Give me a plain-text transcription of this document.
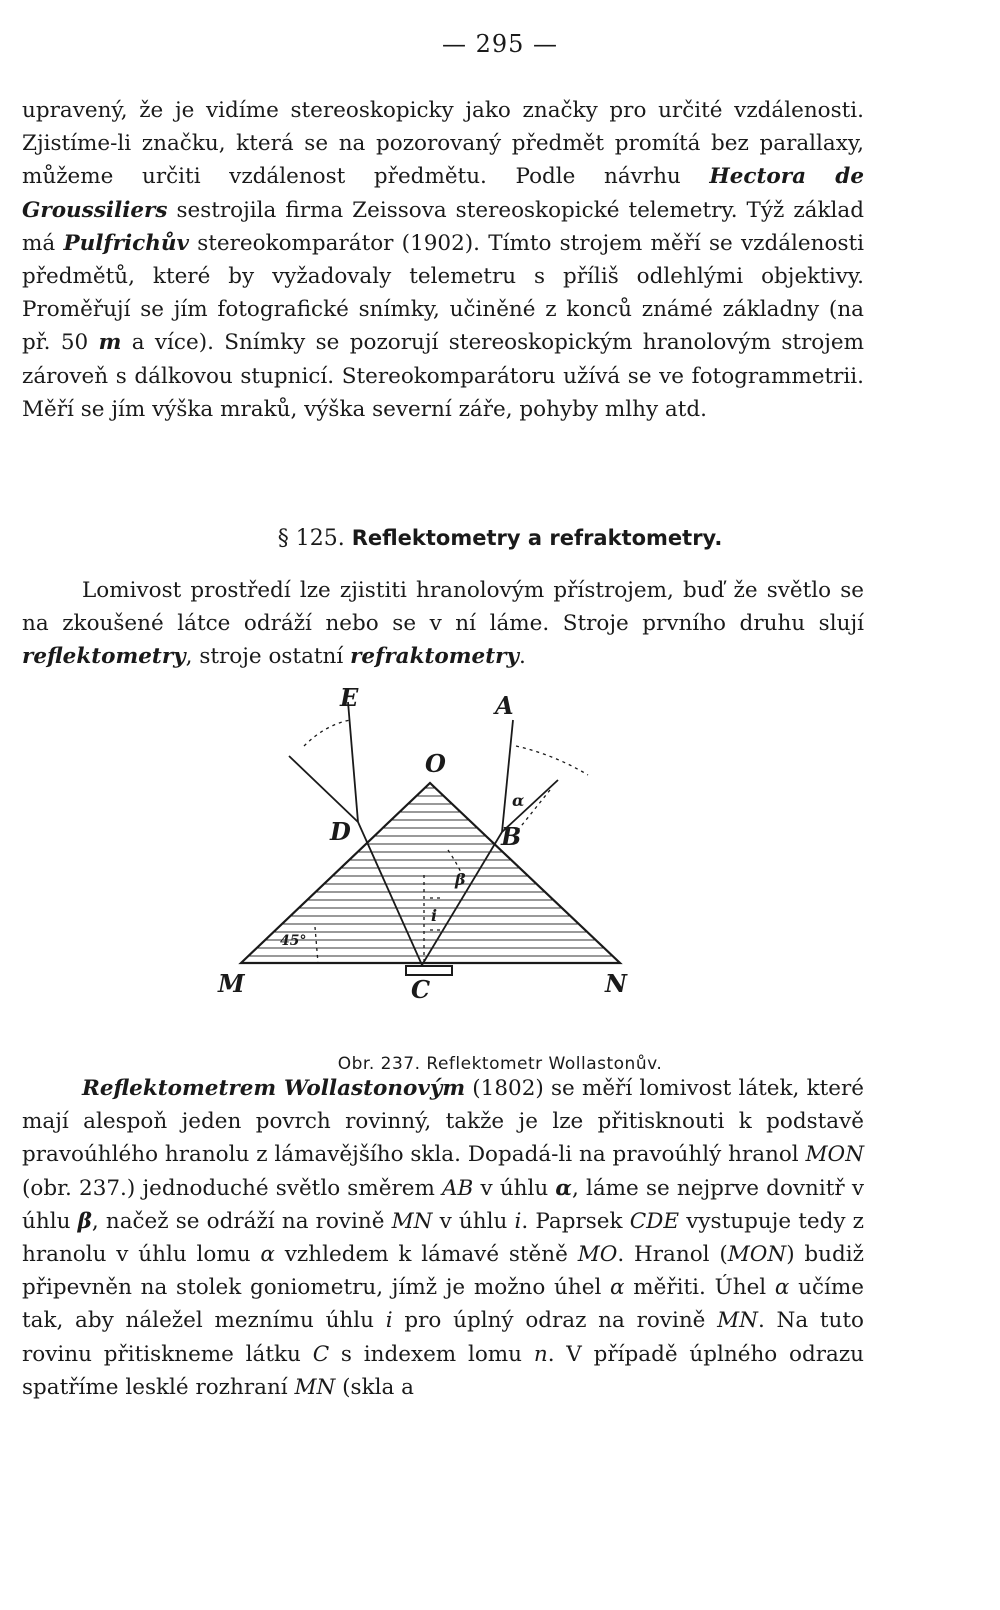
— 295 —

upravený, že je vidíme stereoskopicky jako značky pro určité vzdálenosti. Zjistíme-li značku, která se na pozorovaný předmět promítá bez parallaxy, můžeme určiti vzdálenost předmětu. Podle návrhu Hectora de Groussiliers sestrojila firma Zeissova stereoskopické telemetry. Týž základ má Pulfrichův stereokomparátor (1902). Tímto strojem měří se vzdálenosti předmětů, které by vyžadovaly telemetru s příliš odlehlými objektivy. Proměřují se jím fotografické snímky, učiněné z konců známé základny (na př. 50 m a více). Snímky se pozorují stereoskopickým hranolovým strojem zároveň s dálkovou stupnicí. Stereokomparátoru užívá se ve fotogrammetrii. Měří se jím výška mraků, výška severní záře, pohyby mlhy atd.

§ 125. Reflektometry a refraktometry.

Lomivost prostředí lze zjistiti hranolovým přístrojem, buď že světlo se na zkoušené látce odráží nebo se v ní láme. Stroje prvního druhu slují reflektometry, stroje ostatní refraktometry.

E	A
O
D	B
M	C	N
α
β
i
45°
Obr. 237. Reflektometr Wollastonův.

Reflektometrem Wollastonovým (1802) se měří lomivost látek, které mají alespoň jeden povrch rovinný, takže je lze přitisknouti k podstavě pravoúhlého hranolu z lámavějšího skla. Dopadá-li na pravoúhlý hranol MON (obr. 237.) jednoduché světlo směrem AB v úhlu α, láme se nejprve dovnitř v úhlu β, načež se odráží na rovině MN v úhlu i. Paprsek CDE vystupuje tedy z hranolu v úhlu lomu α vzhledem k lámavé stěně MO. Hranol (MON) budiž připevněn na stolek goniometru, jímž je možno úhel α měřiti. Úhel α učíme tak, aby náležel meznímu úhlu i pro úplný odraz na rovině MN. Na tuto rovinu přitiskneme látku C s indexem lomu n. V případě úplného odrazu spatříme lesklé rozhraní MN (skla a
